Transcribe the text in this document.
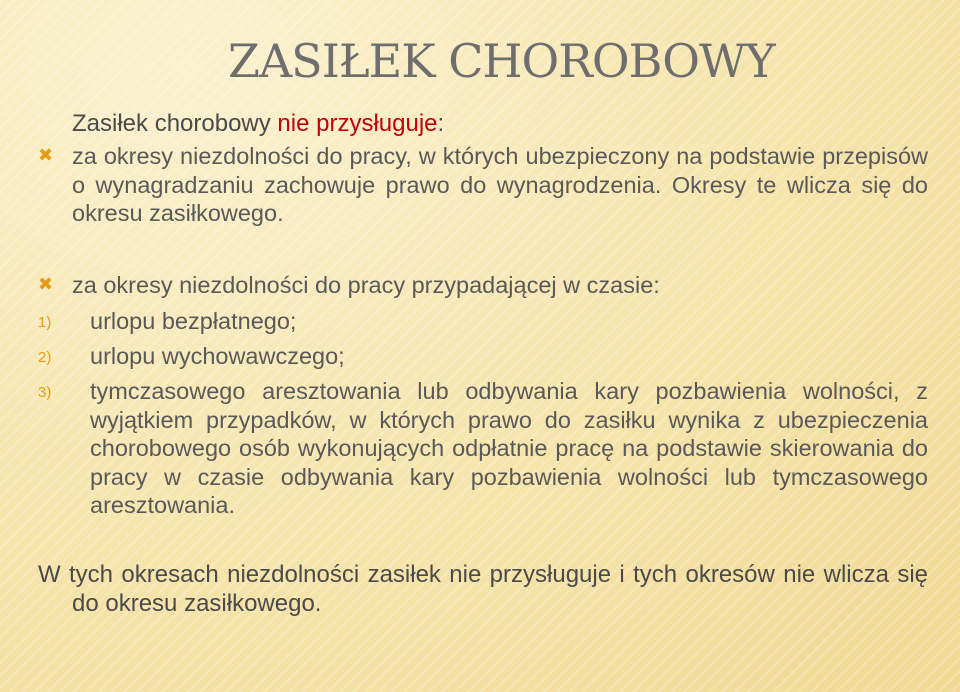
ZASIŁEK CHOROBOWY
Zasiłek chorobowy nie przysługuje:
✖ za okresy niezdolności do pracy, w których ubezpieczony na podstawie przepisów o wynagradzaniu zachowuje prawo do wynagrodzenia. Okresy te wlicza się do okresu zasiłkowego.
✖ za okresy niezdolności do pracy przypadającej w czasie:
1) urlopu bezpłatnego;
2) urlopu wychowawczego;
3) tymczasowego aresztowania lub odbywania kary pozbawienia wolności, z wyjątkiem przypadków, w których prawo do zasiłku wynika z ubezpieczenia chorobowego osób wykonujących odpłatnie pracę na podstawie skierowania do pracy w czasie odbywania kary pozbawienia wolności lub tymczasowego aresztowania.
W tych okresach niezdolności zasiłek nie przysługuje i tych okresów nie wlicza się do okresu zasiłkowego.
